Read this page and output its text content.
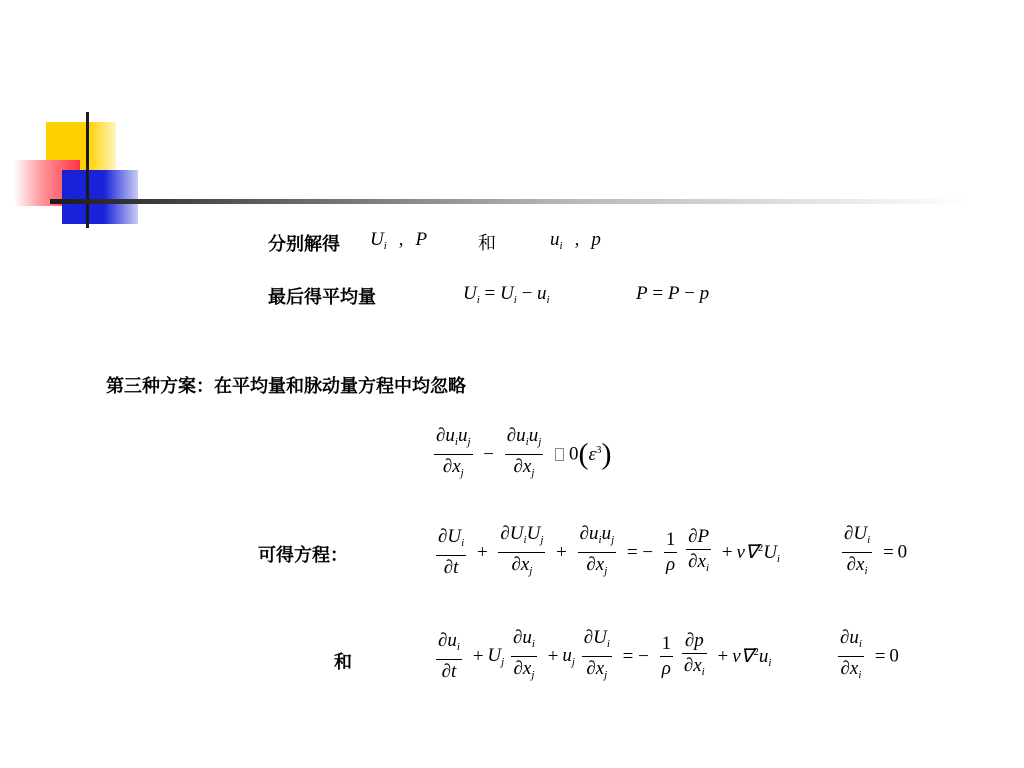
分别解得 $U_i$ , P	和	$u_i$ , p
最后得平均量	$U_i = U_i - u_i$	P = P − p
第三种方案：在平均量和脉动量方程中均忽略
$\frac{\partial u_iu_j}{\partial x_j} - \frac{\partial u_iu_j}{\partial x_j} 0(\varepsilon^3)$
可得方程：	$\frac{\partial U_i}{\partial t} + \frac{\partial U_iU_j}{\partial x_j} + \frac{\partial u_iu_j}{\partial x_j}$ = − $\frac{1}{\rho}$
$\frac{\partial P}{\partial x_i} + \nu\nabla^2U_i$	$\frac{\partial U_i}{\partial x_i} = 0$
和	$\frac{\partial u_i}{\partial t} + U_j \frac{\partial u_i}{\partial x_j} + u_j \frac{\partial U_i}{\partial x_j}$ = − $\frac{1}{\rho}$
$\frac{\partial p}{\partial x_i} + \nu\nabla^2u_i$	$\frac{\partial u_i}{\partial x_i} = 0$
